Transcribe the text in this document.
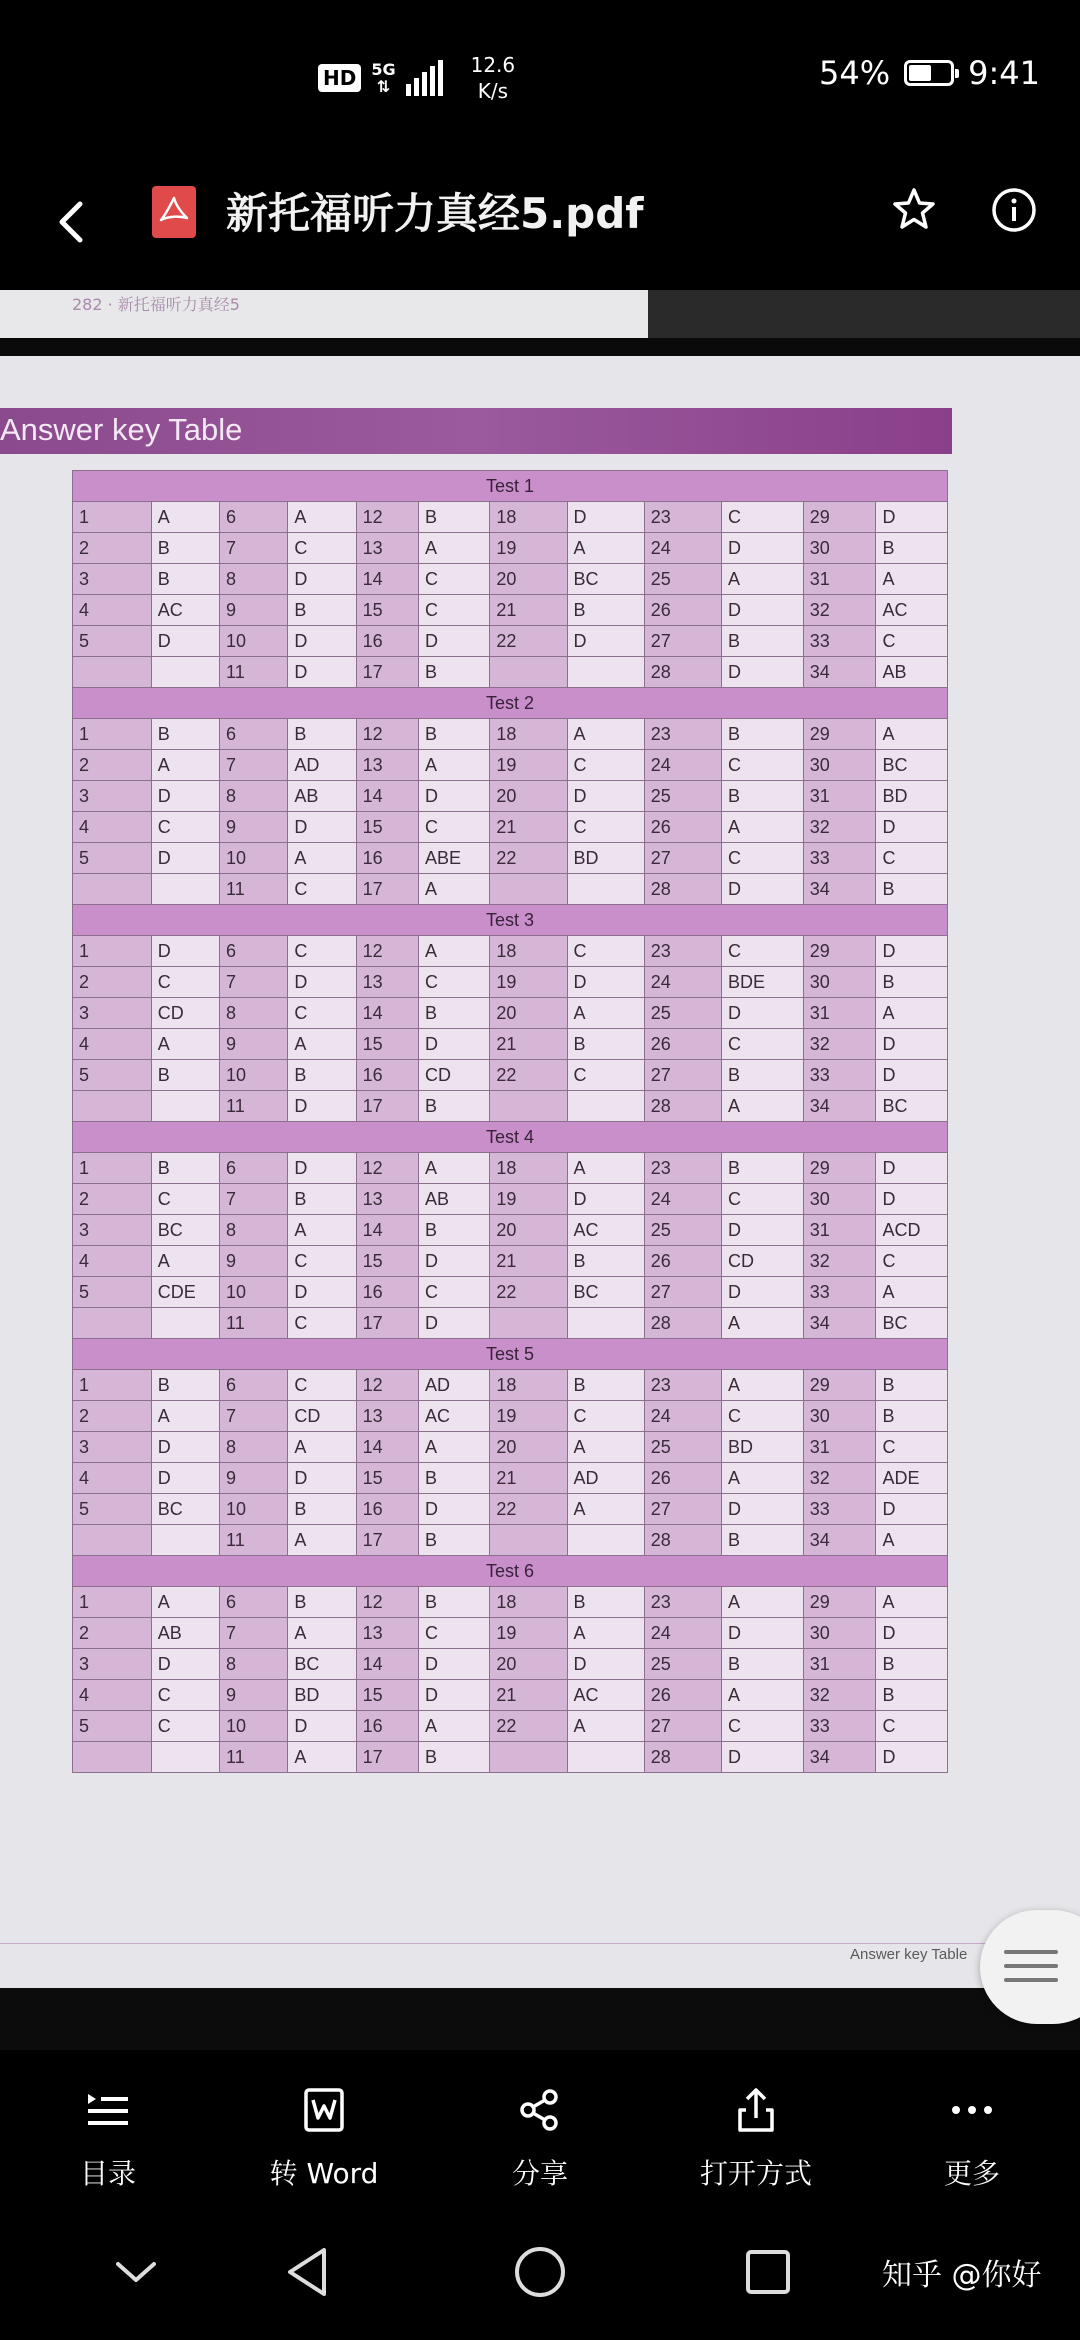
HD 5G
⇅
12.6
K/s	54% 9:41
新托福听力真经5.pdf
282 · 新托福听力真经5
Answer key Table
Test 1											
1	A	6	A	12	B	18	D	23	C	29	D
2	B	7	C	13	A	19	A	24	D	30	B
3	B	8	D	14	C	20	BC	25	A	31	A
4	AC	9	B	15	C	21	B	26	D	32	AC
5	D	10	D	16	D	22	D	27	B	33	C
		11	D	17	B			28	D	34	AB
Test 2											
1	B	6	B	12	B	18	A	23	B	29	A
2	A	7	AD	13	A	19	C	24	C	30	BC
3	D	8	AB	14	D	20	D	25	B	31	BD
4	C	9	D	15	C	21	C	26	A	32	D
5	D	10	A	16	ABE	22	BD	27	C	33	C
		11	C	17	A			28	D	34	B
Test 3											
1	D	6	C	12	A	18	C	23	C	29	D
2	C	7	D	13	C	19	D	24	BDE	30	B
3	CD	8	C	14	B	20	A	25	D	31	A
4	A	9	A	15	D	21	B	26	C	32	D
5	B	10	B	16	CD	22	C	27	B	33	D
		11	D	17	B			28	A	34	BC
Test 4											
1	B	6	D	12	A	18	A	23	B	29	D
2	C	7	B	13	AB	19	D	24	C	30	D
3	BC	8	A	14	B	20	AC	25	D	31	ACD
4	A	9	C	15	D	21	B	26	CD	32	C
5	CDE	10	D	16	C	22	BC	27	D	33	A
		11	C	17	D			28	A	34	BC
Test 5											
1	B	6	C	12	AD	18	B	23	A	29	B
2	A	7	CD	13	AC	19	C	24	C	30	B
3	D	8	A	14	A	20	A	25	BD	31	C
4	D	9	D	15	B	21	AD	26	A	32	ADE
5	BC	10	B	16	D	22	A	27	D	33	D
		11	A	17	B			28	B	34	A
Test 6											
1	A	6	B	12	B	18	B	23	A	29	A
2	AB	7	A	13	C	19	A	24	D	30	D
3	D	8	BC	14	D	20	D	25	B	31	B
4	C	9	BD	15	D	21	AC	26	A	32	B
5	C	10	D	16	A	22	A	27	C	33	C
		11	A	17	B			28	D	34	D
Answer key Table
目录	转 Word	分享	打开方式	更多
知乎 @你好
